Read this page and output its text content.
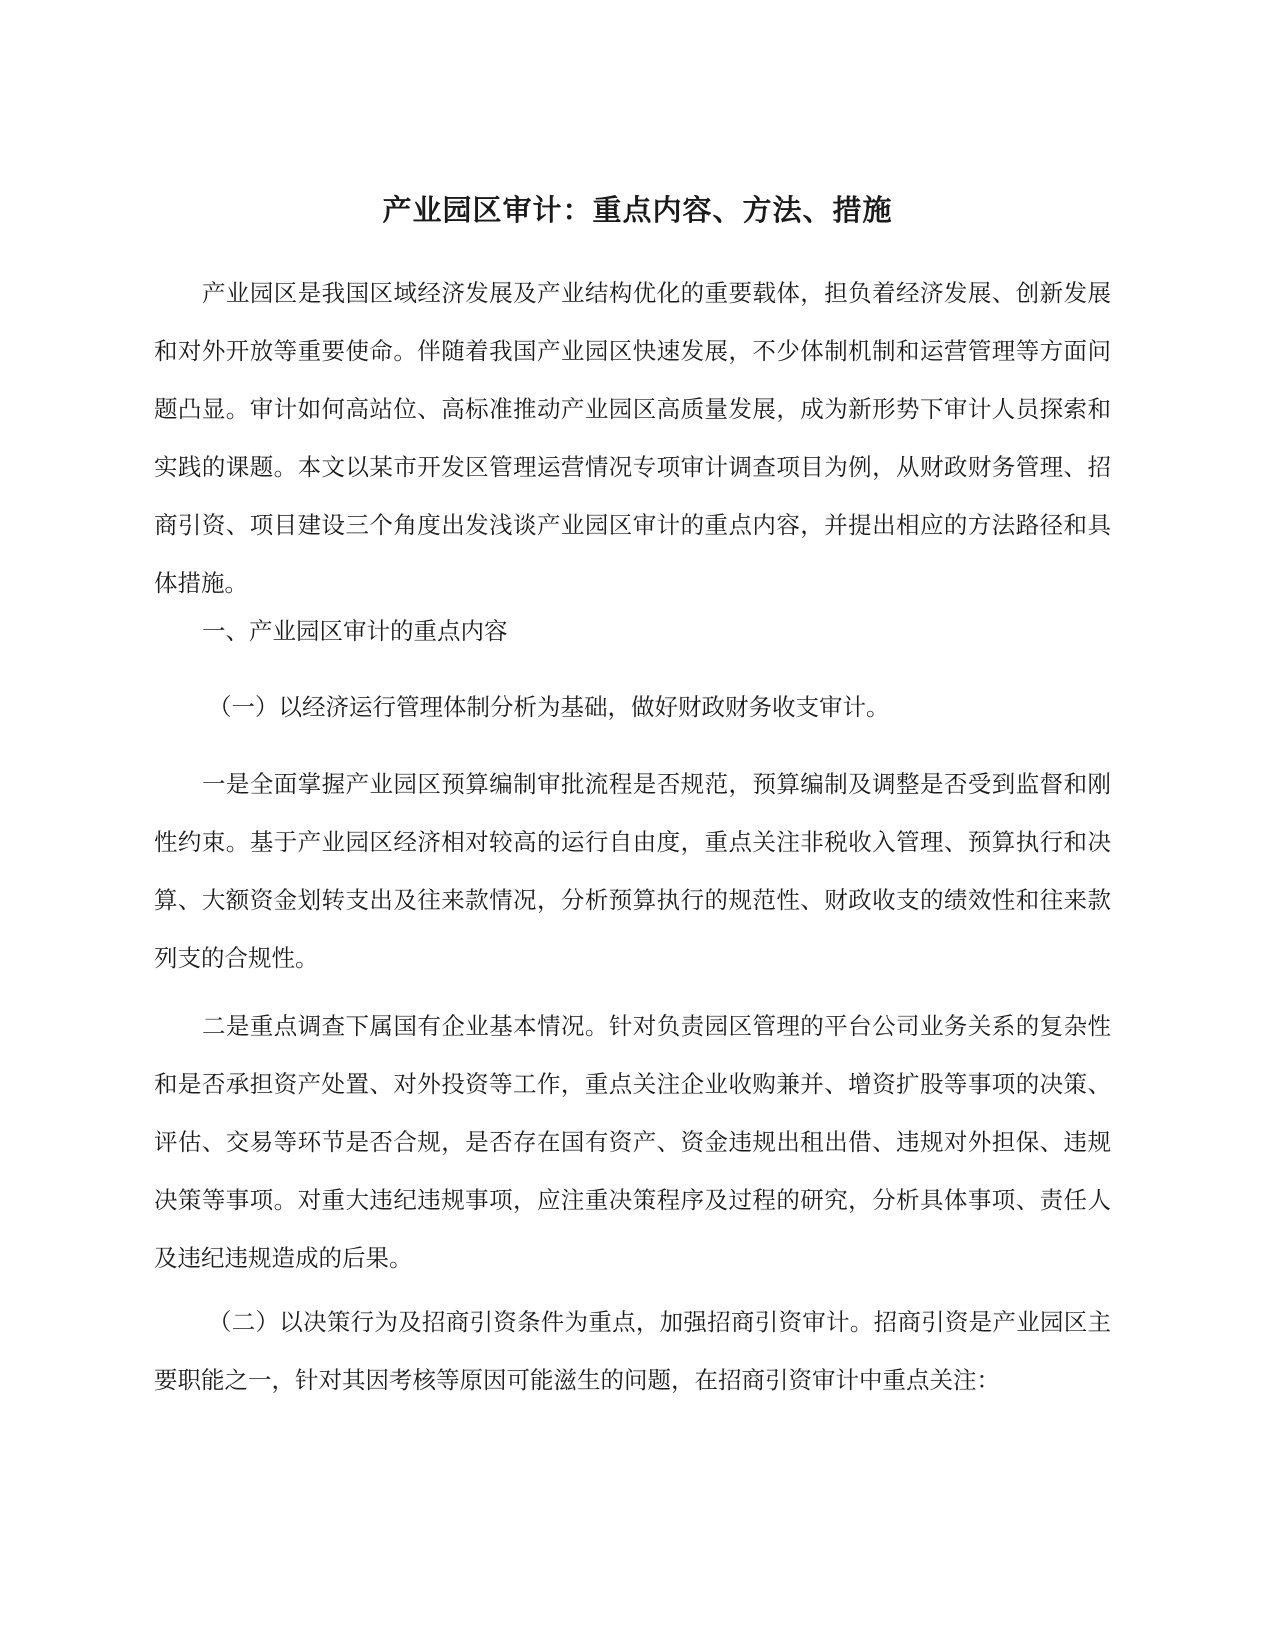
产业园区审计：重点内容、方法、措施

产业园区是我国区域经济发展及产业结构优化的重要载体，担负着经济发展、创新发展和对外开放等重要使命。伴随着我国产业园区快速发展，不少体制机制和运营管理等方面问题凸显。审计如何高站位、高标准推动产业园区高质量发展，成为新形势下审计人员探索和实践的课题。本文以某市开发区管理运营情况专项审计调查项目为例，从财政财务管理、招商引资、项目建设三个角度出发浅谈产业园区审计的重点内容，并提出相应的方法路径和具体措施。

一、产业园区审计的重点内容

（一）以经济运行管理体制分析为基础，做好财政财务收支审计。

一是全面掌握产业园区预算编制审批流程是否规范，预算编制及调整是否受到监督和刚性约束。基于产业园区经济相对较高的运行自由度，重点关注非税收入管理、预算执行和决算、大额资金划转支出及往来款情况，分析预算执行的规范性、财政收支的绩效性和往来款列支的合规性。

二是重点调查下属国有企业基本情况。针对负责园区管理的平台公司业务关系的复杂性和是否承担资产处置、对外投资等工作，重点关注企业收购兼并、增资扩股等事项的决策、评估、交易等环节是否合规，是否存在国有资产、资金违规出租出借、违规对外担保、违规决策等事项。对重大违纪违规事项，应注重决策程序及过程的研究，分析具体事项、责任人及违纪违规造成的后果。

（二）以决策行为及招商引资条件为重点，加强招商引资审计。招商引资是产业园区主要职能之一，针对其因考核等原因可能滋生的问题，在招商引资审计中重点关注：
